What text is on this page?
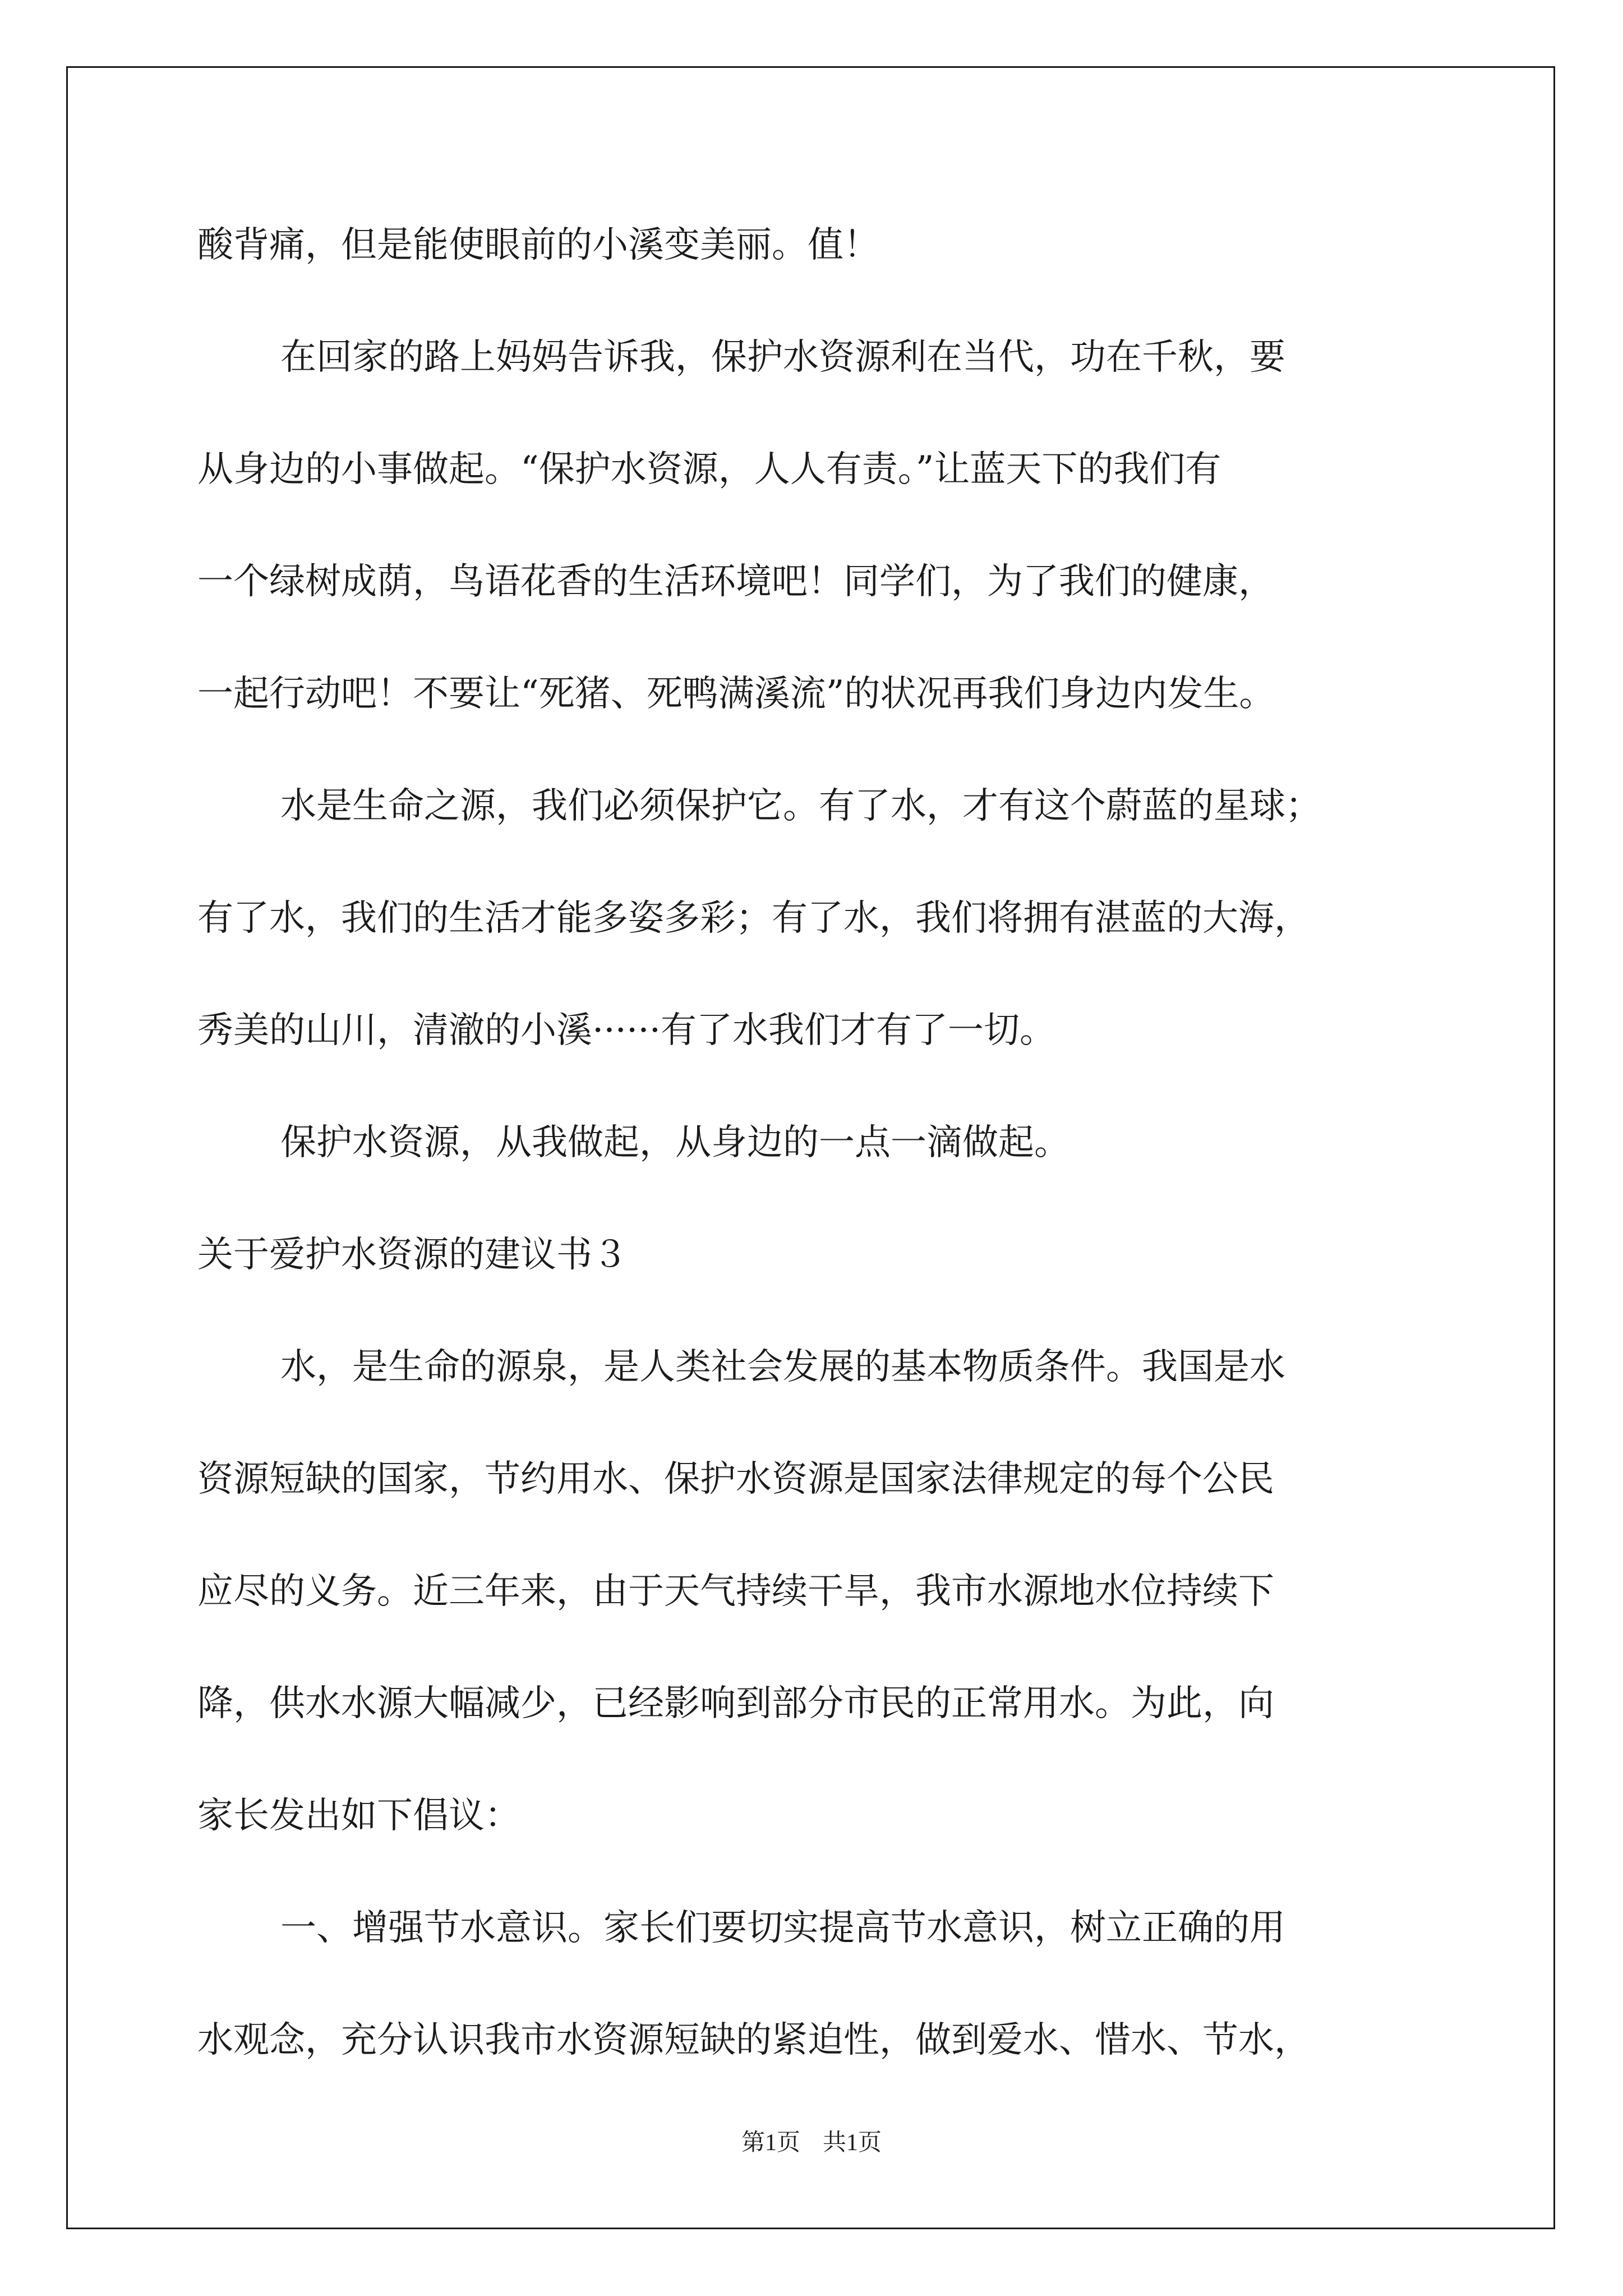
酸背痛，但是能使眼前的小溪变美丽。值！
在回家的路上妈妈告诉我，保护水资源利在当代，功在千秋，要
从身边的小事做起。“保护水资源，人人有责。”让蓝天下的我们有
一个绿树成荫，鸟语花香的生活环境吧！同学们，为了我们的健康，
一起行动吧！不要让“死猪、死鸭满溪流”的状况再我们身边内发生。
水是生命之源，我们必须保护它。有了水，才有这个蔚蓝的星球；
有了水，我们的生活才能多姿多彩；有了水，我们将拥有湛蓝的大海，
秀美的山川，清澈的小溪······有了水我们才有了一切。
保护水资源，从我做起，从身边的一点一滴做起。
关于爱护水资源的建议书３
水，是生命的源泉，是人类社会发展的基本物质条件。我国是水
资源短缺的国家，节约用水、保护水资源是国家法律规定的每个公民
应尽的义务。近三年来，由于天气持续干旱，我市水源地水位持续下
降，供水水源大幅减少，已经影响到部分市民的正常用水。为此，向
家长发出如下倡议：
一、增强节水意识。家长们要切实提高节水意识，树立正确的用
水观念，充分认识我市水资源短缺的紧迫性，做到爱水、惜水、节水，
第1页 共1页
